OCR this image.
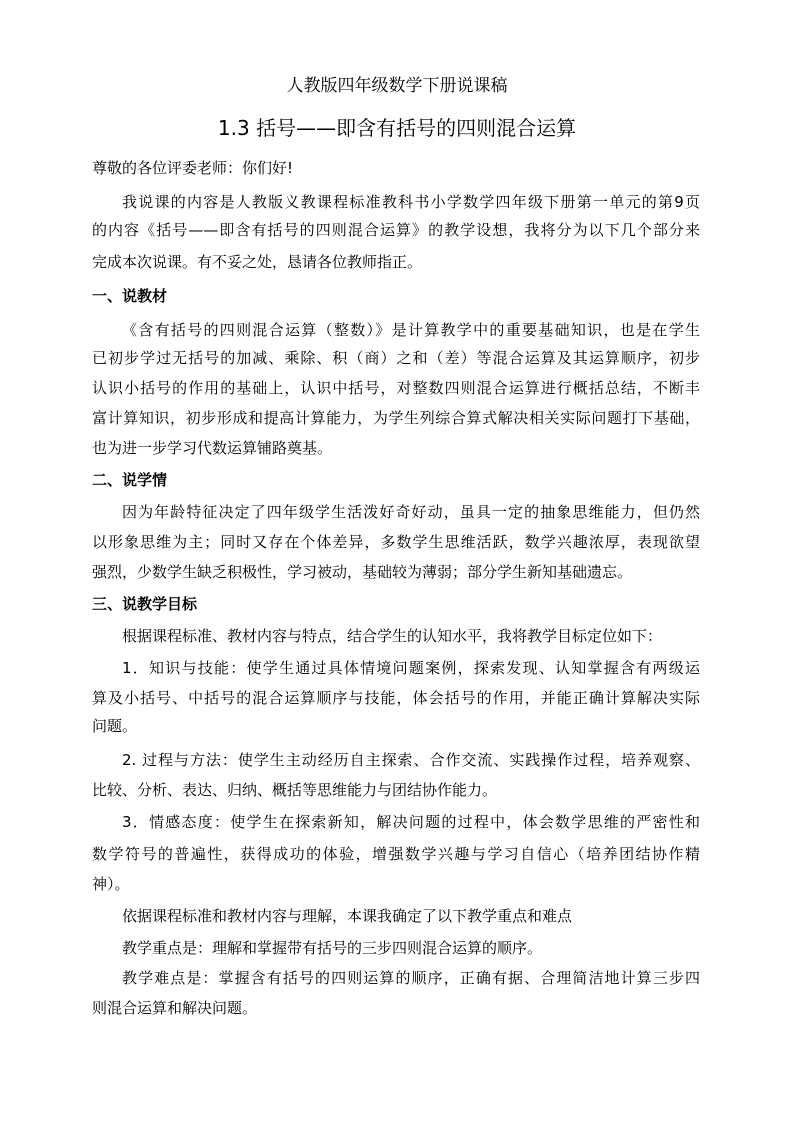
人教版四年级数学下册说课稿
1.3 括号——即含有括号的四则混合运算
尊敬的各位评委老师：你们好!
我说课的内容是人教版义教课程标准教科书小学数学四年级下册第一单元的第9页
的内容《括号——即含有括号的四则混合运算》的教学设想，我将分为以下几个部分来
完成本次说课。有不妥之处，恳请各位教师指正。
一、说教材
《含有括号的四则混合运算（整数）》是计算教学中的重要基础知识，也是在学生
已初步学过无括号的加减、乘除、积（商）之和（差）等混合运算及其运算顺序，初步
认识小括号的作用的基础上，认识中括号，对整数四则混合运算进行概括总结，不断丰
富计算知识，初步形成和提高计算能力，为学生列综合算式解决相关实际问题打下基础，
也为进一步学习代数运算铺路奠基。
二、说学情
因为年龄特征决定了四年级学生活泼好奇好动，虽具一定的抽象思维能力，但仍然
以形象思维为主；同时又存在个体差异，多数学生思维活跃，数学兴趣浓厚，表现欲望
强烈，少数学生缺乏积极性，学习被动，基础较为薄弱；部分学生新知基础遗忘。
三、说教学目标
根据课程标准、教材内容与特点，结合学生的认知水平，我将教学目标定位如下：
1．知识与技能：使学生通过具体情境问题案例，探索发现、认知掌握含有两级运
算及小括号、中括号的混合运算顺序与技能，体会括号的作用，并能正确计算解决实际
问题。
2. 过程与方法：使学生主动经历自主探索、合作交流、实践操作过程，培养观察、
比较、分析、表达、归纳、概括等思维能力与团结协作能力。
3．情感态度：使学生在探索新知，解决问题的过程中，体会数学思维的严密性和
数学符号的普遍性，获得成功的体验，增强数学兴趣与学习自信心（培养团结协作精
神）。
依据课程标准和教材内容与理解，本课我确定了以下教学重点和难点
教学重点是：理解和掌握带有括号的三步四则混合运算的顺序。
教学难点是：掌握含有括号的四则运算的顺序，正确有据、合理简洁地计算三步四
则混合运算和解决问题。
